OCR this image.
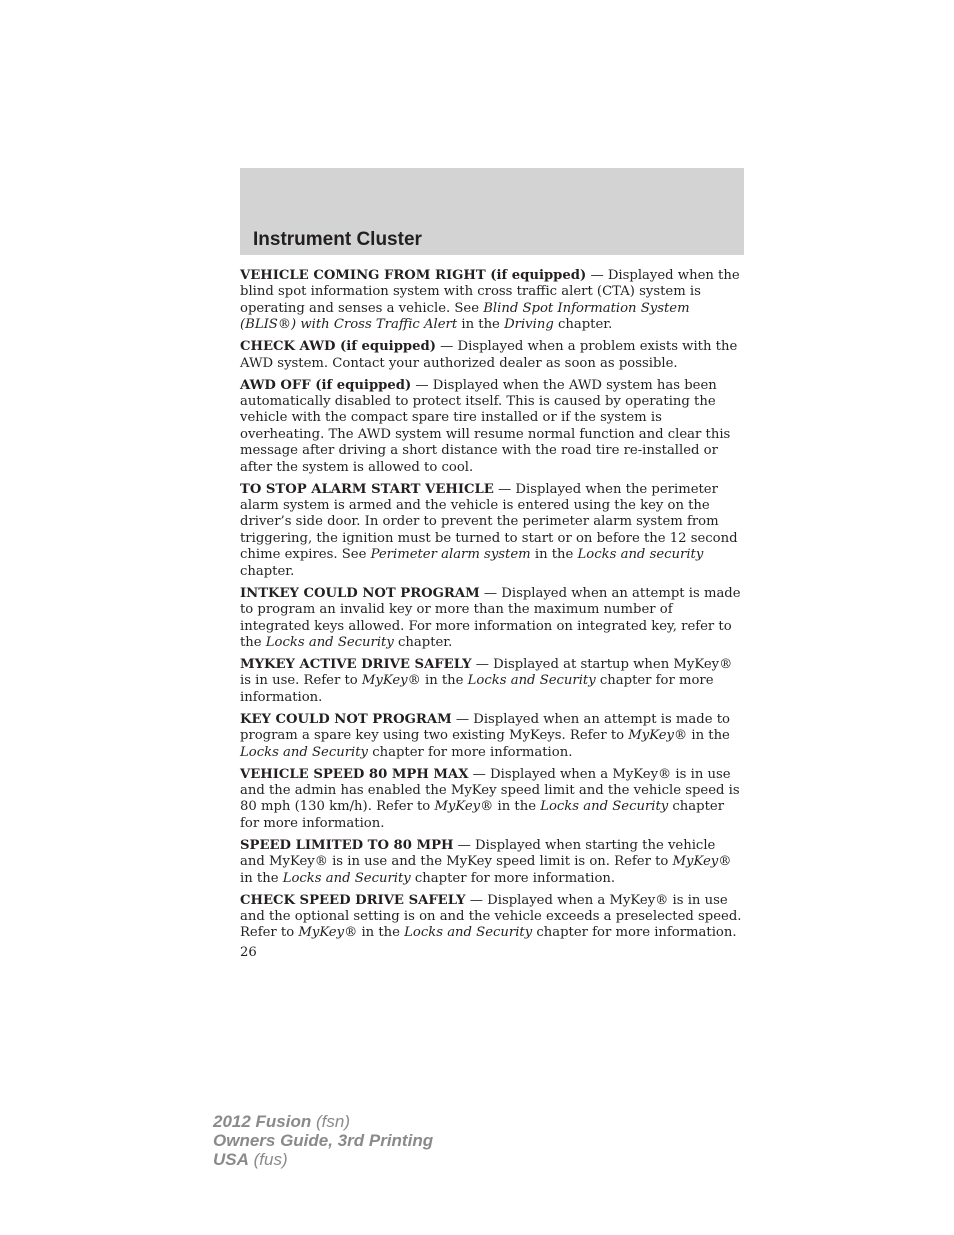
Instrument Cluster
VEHICLE COMING FROM RIGHT (if equipped) — Displayed when the blind spot information system with cross traffic alert (CTA) system is operating and senses a vehicle. See Blind Spot Information System (BLIS®) with Cross Traffic Alert in the Driving chapter.
CHECK AWD (if equipped) — Displayed when a problem exists with the AWD system. Contact your authorized dealer as soon as possible.
AWD OFF (if equipped) — Displayed when the AWD system has been automatically disabled to protect itself. This is caused by operating the vehicle with the compact spare tire installed or if the system is overheating. The AWD system will resume normal function and clear this message after driving a short distance with the road tire re-installed or after the system is allowed to cool.
TO STOP ALARM START VEHICLE — Displayed when the perimeter alarm system is armed and the vehicle is entered using the key on the driver’s side door. In order to prevent the perimeter alarm system from triggering, the ignition must be turned to start or on before the 12 second chime expires. See Perimeter alarm system in the Locks and security chapter.
INTKEY COULD NOT PROGRAM — Displayed when an attempt is made to program an invalid key or more than the maximum number of integrated keys allowed. For more information on integrated key, refer to the Locks and Security chapter.
MYKEY ACTIVE DRIVE SAFELY — Displayed at startup when MyKey® is in use. Refer to MyKey® in the Locks and Security chapter for more information.
KEY COULD NOT PROGRAM — Displayed when an attempt is made to program a spare key using two existing MyKeys. Refer to MyKey® in the Locks and Security chapter for more information.
VEHICLE SPEED 80 MPH MAX — Displayed when a MyKey® is in use and the admin has enabled the MyKey speed limit and the vehicle speed is 80 mph (130 km/h). Refer to MyKey® in the Locks and Security chapter for more information.
SPEED LIMITED TO 80 MPH — Displayed when starting the vehicle and MyKey® is in use and the MyKey speed limit is on. Refer to MyKey® in the Locks and Security chapter for more information.
CHECK SPEED DRIVE SAFELY — Displayed when a MyKey® is in use and the optional setting is on and the vehicle exceeds a preselected speed. Refer to MyKey® in the Locks and Security chapter for more information.
26
2012 Fusion (fsn)
Owners Guide, 3rd Printing
USA (fus)
